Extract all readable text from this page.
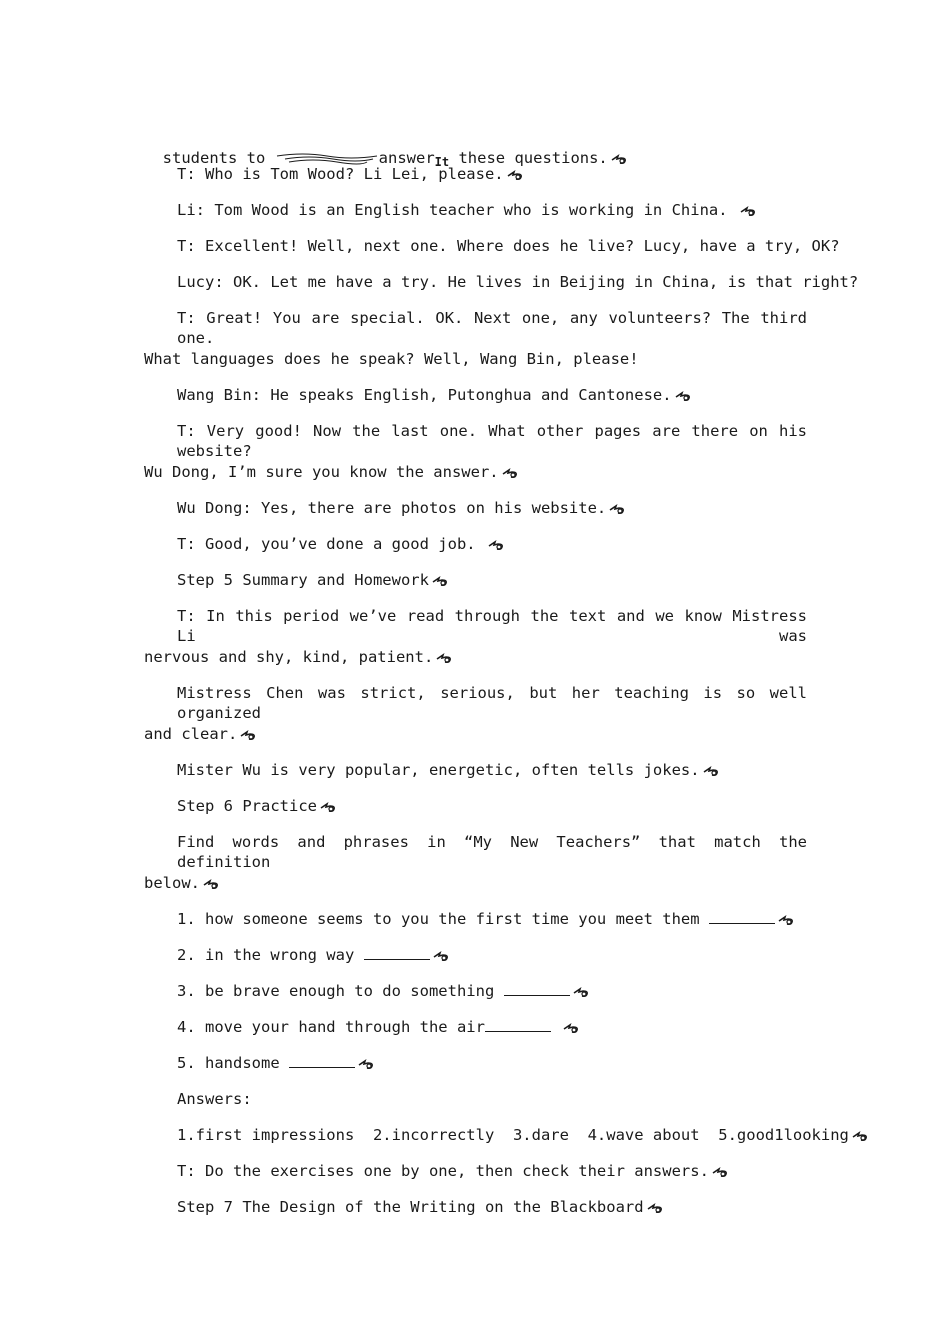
students to	answer$_{It}$ these questions.

T: Who is Tom Wood? Li Lei, please.
Li: Tom Wood is an English teacher who is working in China.
T: Excellent! Well, next one. Where does he live? Lucy, have a try, OK?
Lucy: OK. Let me have a try. He lives in Beijing in China, is that right?
T: Great! You are special. OK. Next one, any volunteers? The third one.
What languages does he speak? Well, Wang Bin, please!
Wang Bin: He speaks English, Putonghua and Cantonese.
T: Very good! Now the last one. What other pages are there on his website?
Wu Dong, I’m sure you know the answer.
Wu Dong: Yes, there are photos on his website.
T: Good, you’ve done a good job.
Step 5 Summary and Homework
T: In this period we’ve read through the text and we know Mistress Li was
nervous and shy, kind, patient.
Mistress Chen was strict, serious, but her teaching is so well organized
and clear.
Mister Wu is very popular, energetic, often tells jokes.
Step 6 Practice
Find words and phrases in “My New Teachers” that match the definition
below.
1. how someone seems to you the first time you meet them
2. in the wrong way
3. be brave enough to do something
4. move your hand through the air
5. handsome
Answers:
1.first impressions  2.incorrectly  3.dare  4.wave about  5.good1looking
T: Do the exercises one by one, then check their answers.
Step 7 The Design of the Writing on the Blackboard
